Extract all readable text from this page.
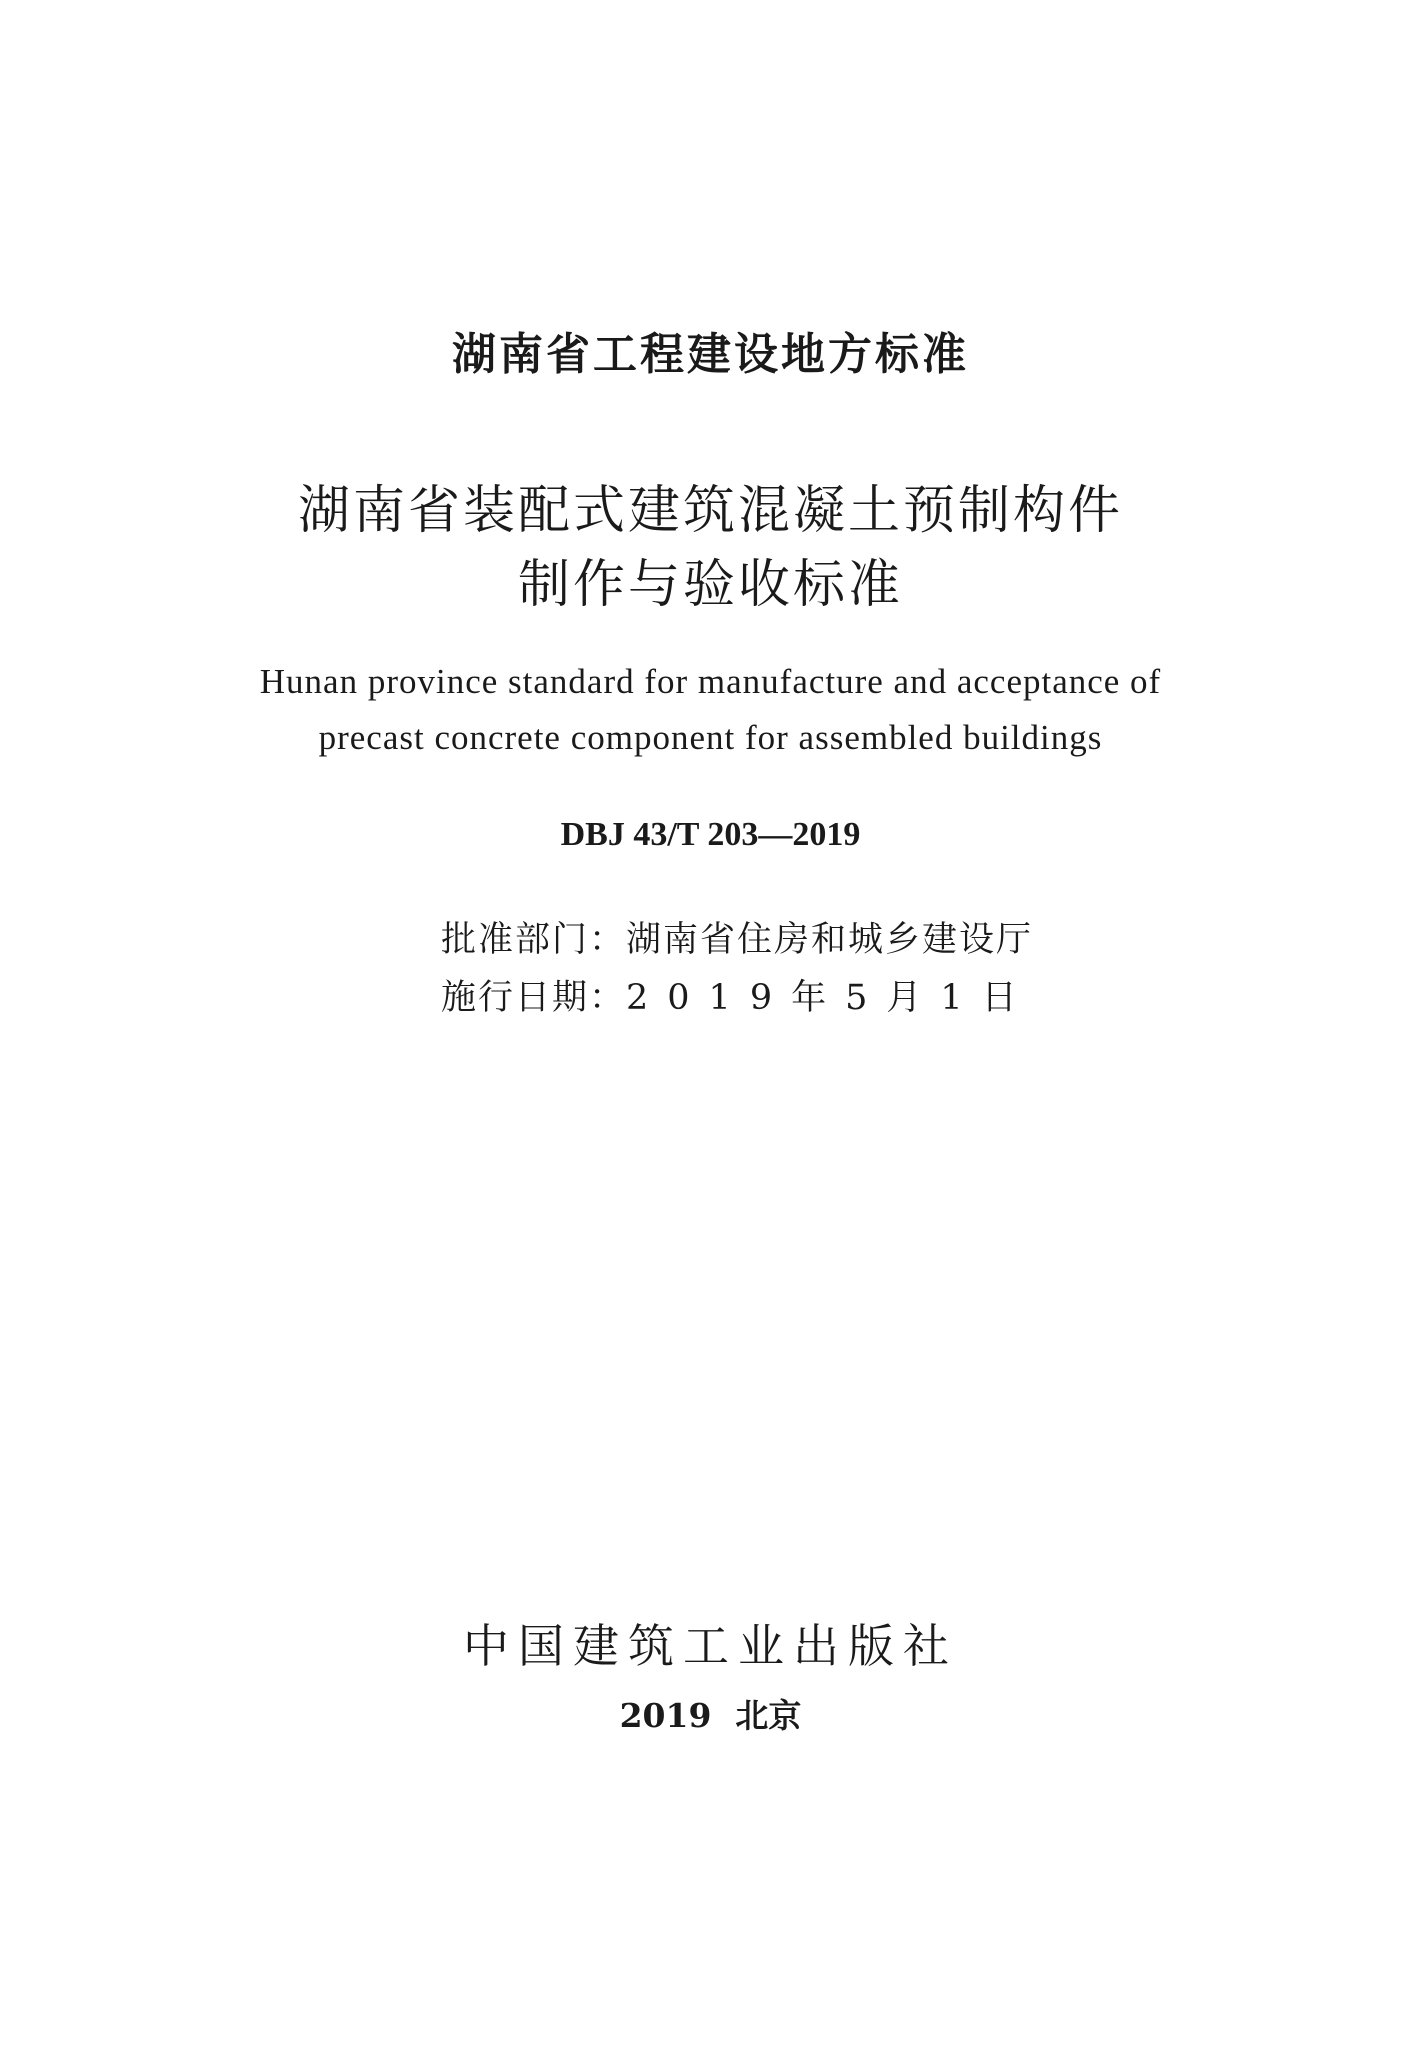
湖南省工程建设地方标准
湖南省装配式建筑混凝土预制构件
制作与验收标准
Hunan province standard for manufacture and acceptance of
precast concrete component for assembled buildings
DBJ 43/T 203—2019
批准部门：湖南省住房和城乡建设厅
施行日期：2019年5月1日
中国建筑工业出版社
2019 北京
